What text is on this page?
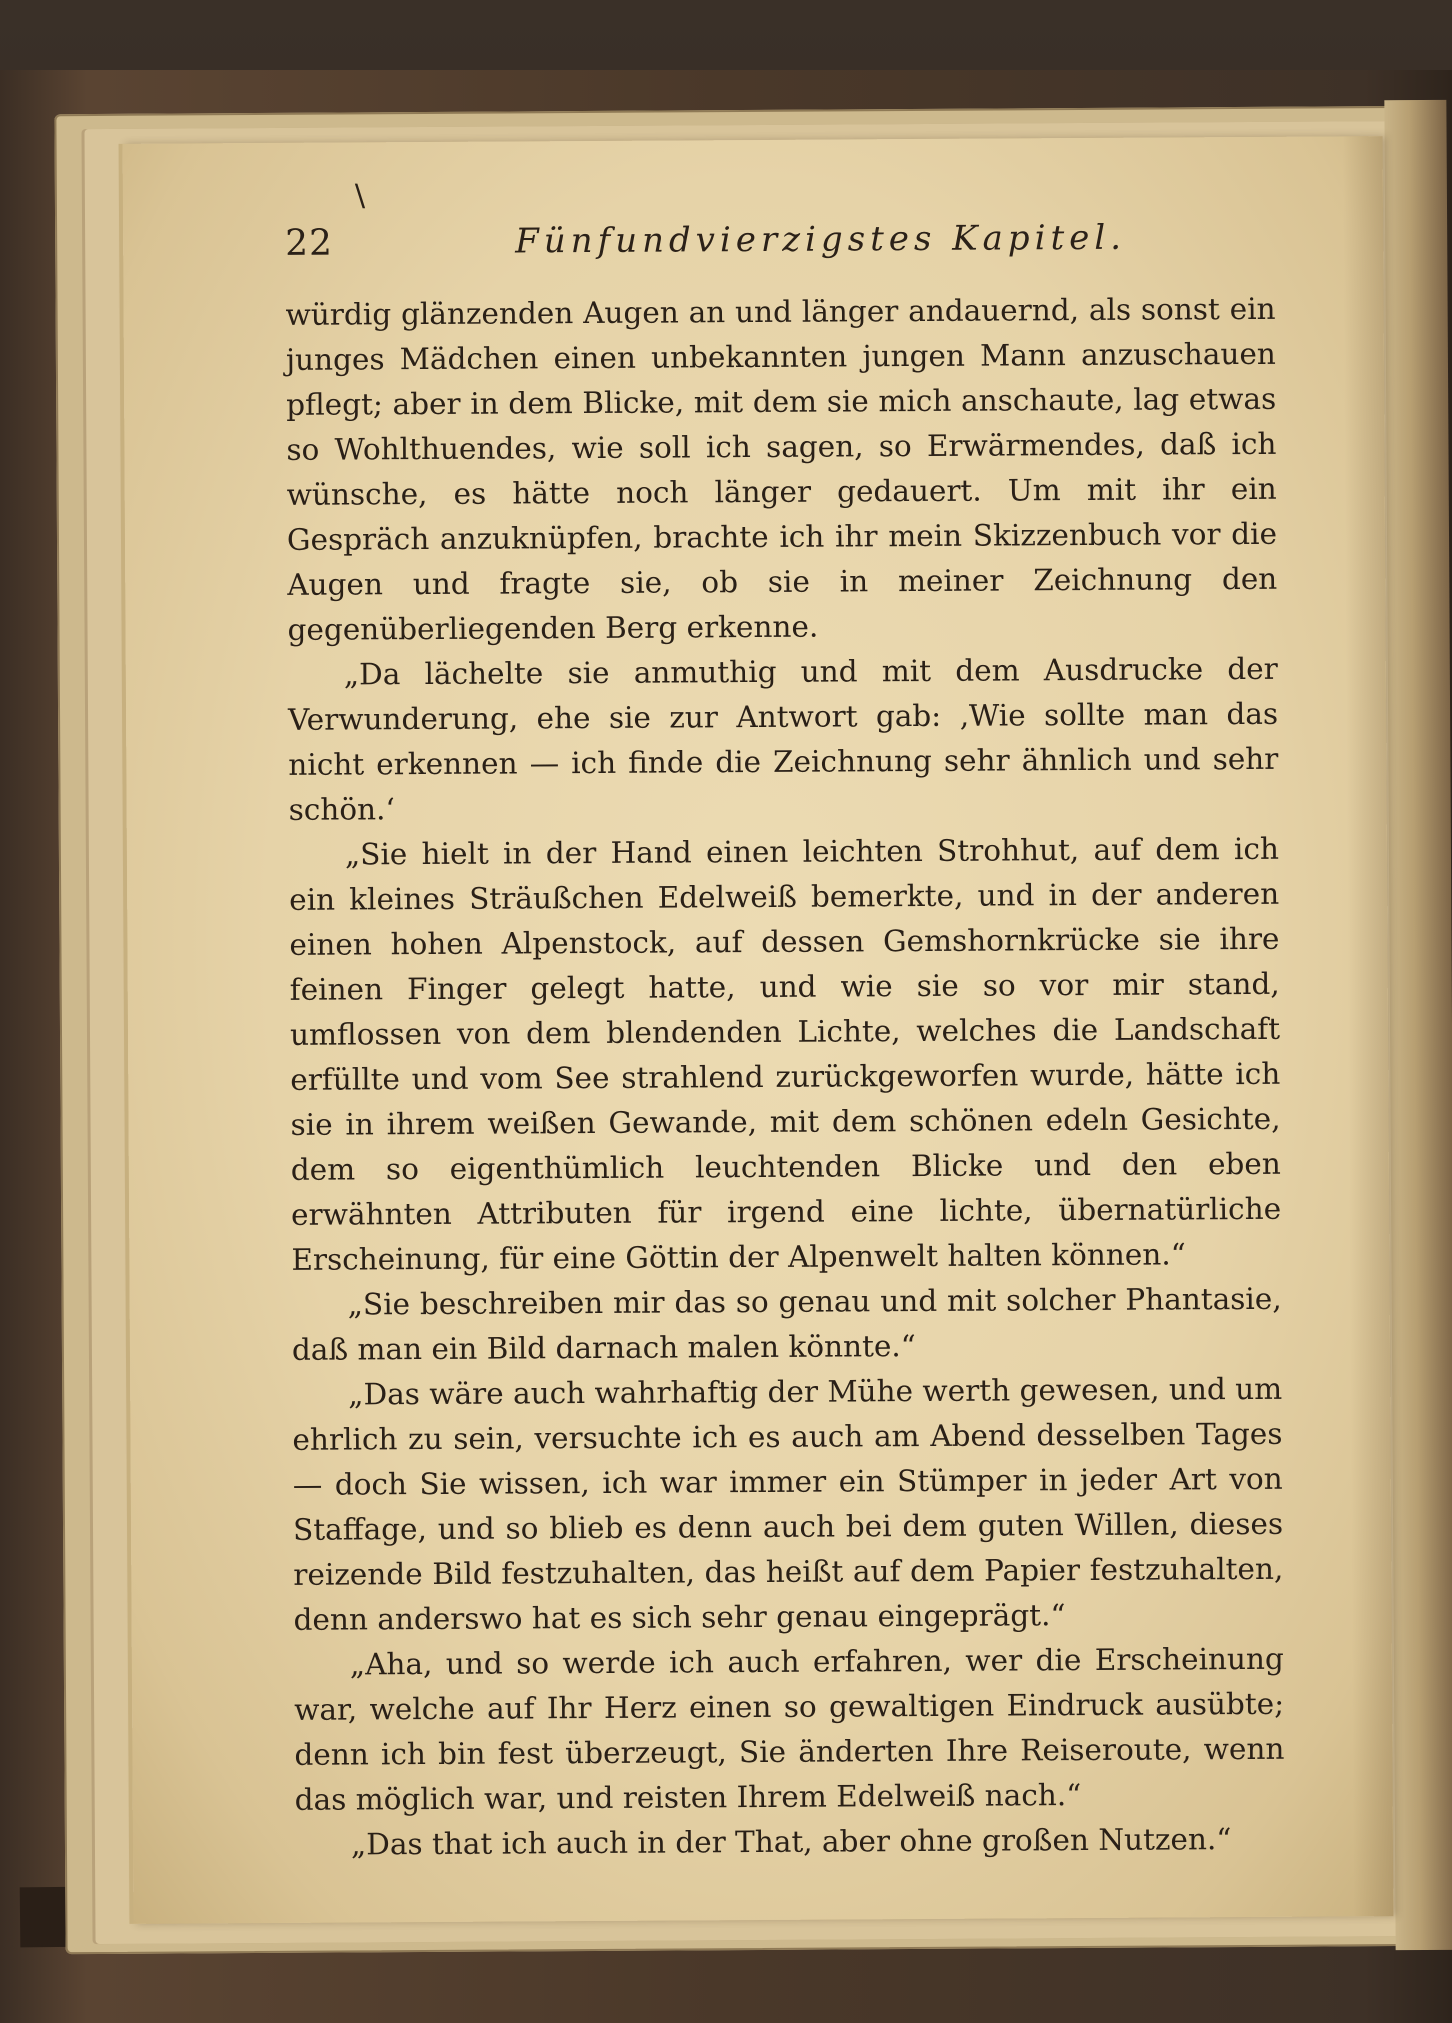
22	Fünfundvierzigstes Kapitel.
\

würdig glänzenden Augen an und länger andauernd, als sonst ein junges Mädchen einen unbekannten jungen Mann anzuschauen pflegt; aber in dem Blicke, mit dem sie mich anschaute, lag etwas so Wohlthuendes, wie soll ich sagen, so Erwärmendes, daß ich wünsche, es hätte noch länger gedauert. Um mit ihr ein Gespräch anzuknüpfen, brachte ich ihr mein Skizzenbuch vor die Augen und fragte sie, ob sie in meiner Zeichnung den gegenüberliegenden Berg erkenne.

„Da lächelte sie anmuthig und mit dem Ausdrucke der Verwunderung, ehe sie zur Antwort gab: ‚Wie sollte man das nicht erkennen — ich finde die Zeichnung sehr ähnlich und sehr schön.‘

„Sie hielt in der Hand einen leichten Strohhut, auf dem ich ein kleines Sträußchen Edelweiß bemerkte, und in der anderen einen hohen Alpenstock, auf dessen Gemshornkrücke sie ihre feinen Finger gelegt hatte, und wie sie so vor mir stand, umflossen von dem blendenden Lichte, welches die Landschaft erfüllte und vom See strahlend zurückgeworfen wurde, hätte ich sie in ihrem weißen Gewande, mit dem schönen edeln Gesichte, dem so eigenthümlich leuchtenden Blicke und den eben erwähnten Attributen für irgend eine lichte, übernatürliche Erscheinung, für eine Göttin der Alpenwelt halten können.“

„Sie beschreiben mir das so genau und mit solcher Phantasie, daß man ein Bild darnach malen könnte.“

„Das wäre auch wahrhaftig der Mühe werth gewesen, und um ehrlich zu sein, versuchte ich es auch am Abend desselben Tages — doch Sie wissen, ich war immer ein Stümper in jeder Art von Staffage, und so blieb es denn auch bei dem guten Willen, dieses reizende Bild festzuhalten, das heißt auf dem Papier festzuhalten, denn anderswo hat es sich sehr genau eingeprägt.“

„Aha, und so werde ich auch erfahren, wer die Erscheinung war, welche auf Ihr Herz einen so gewaltigen Eindruck ausübte; denn ich bin fest überzeugt, Sie änderten Ihre Reiseroute, wenn das möglich war, und reisten Ihrem Edelweiß nach.“

„Das that ich auch in der That, aber ohne großen Nutzen.“
